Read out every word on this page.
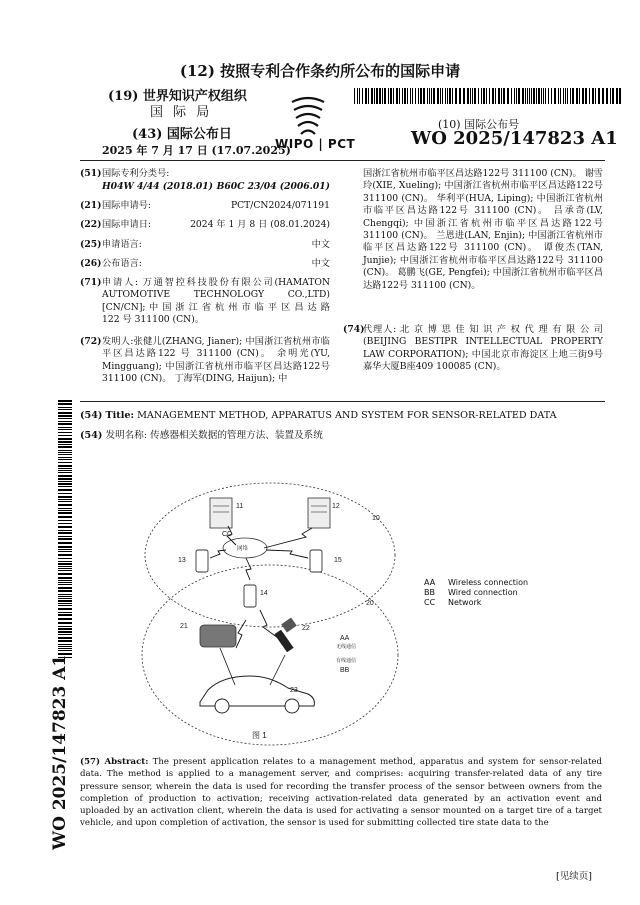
(12) 按照专利合作条约所公布的国际申请
(19) 世界知识产权组织
国 际 局
(43) 国际公布日
2025 年 7 月 17 日 (17.07.2025)
WIPO | PCT
(10) 国际公布号
WO 2025/147823 A1
(51) 国际专利分类号:
H04W 4/44 (2018.01) B60C 23/04 (2006.01)
(21) 国际申请号:	PCT/CN2024/071191
(22) 国际申请日:	2024 年 1 月 8 日 (08.01.2024)
(25) 申请语言:	中文
(26) 公布语言:	中文
(71) 申请人: 万通智控科技股份有限公司(HAMATON AUTOMOTIVE TECHNOLOGY CO.,LTD) [CN/CN]; 中 国 浙 江 省 杭 州 市 临 平 区 昌 达 路 122 号 311100 (CN)。
(72) 发明人:张健儿(ZHANG, Jianer); 中国浙江省杭州市临平区昌达路122 号 311100 (CN)。 余明光(YU, Mingguang); 中国浙江省杭州市临平区昌达路122号 311100 (CN)。 丁海军(DING, Haijun); 中
国浙江省杭州市临平区昌达路122号 311100 (CN)。 谢雪玲(XIE, Xueling); 中国浙江省杭州市临平区昌达路122号 311100 (CN)。 华利平(HUA, Liping); 中国浙江省杭州市临平区昌达路122号 311100 (CN)。 吕承奇(LV, Chengqi); 中国浙江省杭州市临平区昌达路122号 311100 (CN)。 兰恩进(LAN, Enjin); 中国浙江省杭州市临平区昌达路122号 311100 (CN)。 谭俊杰(TAN, Junjie); 中国浙江省杭州市临平区昌达路122号 311100 (CN)。 葛鹏飞(GE, Pengfei); 中国浙江省杭州市临平区昌达路122号 311100 (CN)。
(74)
代理人: 北 京 博 思 佳 知 识 产 权 代 理 有 限 公 司 (BEIJING BESTIPR INTELLECTUAL PROPERTY LAW CORPORATION); 中国北京市海淀区上地三街9号嘉华大厦B座409 100085 (CN)。
(54) Title: MANAGEMENT METHOD, APPARATUS AND SYSTEM FOR SENSOR-RELATED DATA
(54) 发明名称: 传感器相关数据的管理方法、装置及系统
11	12
10
13	15
14
20
21	22
23
CC
网络
AA
无线通信
有线通信
BB
图 1
AA Wireless connection
BB Wired connection
CC Network
(57) Abstract: The present application relates to a management method, apparatus and system for sensor-related data. The method is applied to a management server, and comprises: acquiring transfer-related data of any tire pressure sensor, wherein the data is used for recording the transfer process of the sensor between owners from the completion of production to activation; receiving activation-related data generated by an activation event and uploaded by an activation client, wherein the data is used for activating a sensor mounted on a target tire of a target vehicle, and upon completion of activation, the sensor is used for submitting collected tire state data to the
[见续页]
WO 2025/147823 A1
